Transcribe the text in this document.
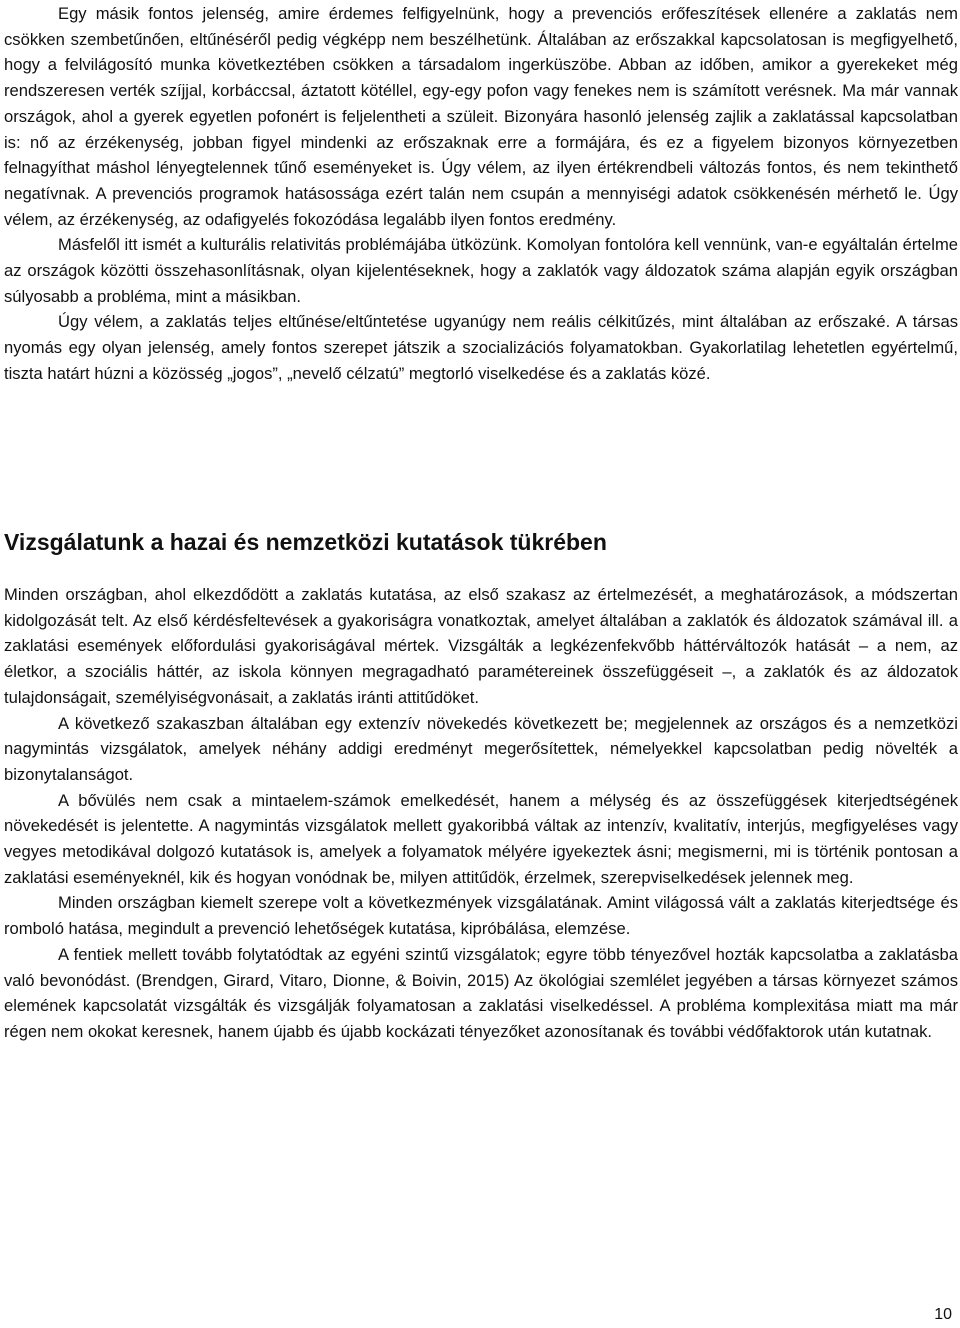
Egy másik fontos jelenség, amire érdemes felfigyelnünk, hogy a prevenciós erőfeszítések ellenére a zaklatás nem csökken szembetűnően, eltűnéséről pedig végképp nem beszélhetünk. Általában az erőszakkal kapcsolatosan is megfigyelhető, hogy a felvilágosító munka következtében csökken a társadalom ingerküszöbe. Abban az időben, amikor a gyerekeket még rendszeresen verték szíjjal, korbáccsal, áztatott kötéllel, egy-egy pofon vagy fenekes nem is számított verésnek. Ma már vannak országok, ahol a gyerek egyetlen pofonért is feljelentheti a szüleit. Bizonyára hasonló jelenség zajlik a zaklatással kapcsolatban is: nő az érzékenység, jobban figyel mindenki az erőszaknak erre a formájára, és ez a figyelem bizonyos környezetben felnagyíthat máshol lényegtelennek tűnő eseményeket is. Úgy vélem, az ilyen értékrendbeli változás fontos, és nem tekinthető negatívnak. A prevenciós programok hatásossága ezért talán nem csupán a mennyiségi adatok csökkenésén mérhető le. Úgy vélem, az érzékenység, az odafigyelés fokozódása legalább ilyen fontos eredmény.

Másfelől itt ismét a kulturális relativitás problémájába ütközünk. Komolyan fontolóra kell vennünk, van-e egyáltalán értelme az országok közötti összehasonlításnak, olyan kijelentéseknek, hogy a zaklatók vagy áldozatok száma alapján egyik országban súlyosabb a probléma, mint a másikban.

Úgy vélem, a zaklatás teljes eltűnése/eltűntetése ugyanúgy nem reális célkitűzés, mint általában az erőszaké. A társas nyomás egy olyan jelenség, amely fontos szerepet játszik a szocializációs folyamatokban. Gyakorlatilag lehetetlen egyértelmű, tiszta határt húzni a közösség „jogos”, „nevelő célzatú” megtorló viselkedése és a zaklatás közé.

Vizsgálatunk a hazai és nemzetközi kutatások tükrében

Minden országban, ahol elkezdődött a zaklatás kutatása, az első szakasz az értelmezését, a meghatározások, a módszertan kidolgozását telt. Az első kérdésfeltevések a gyakoriságra vonatkoztak, amelyet általában a zaklatók és áldozatok számával ill. a zaklatási események előfordulási gyakoriságával mértek. Vizsgálták a legkézenfekvőbb háttérváltozók hatását – a nem, az életkor, a szociális háttér, az iskola könnyen megragadható paramétereinek összefüggéseit –, a zaklatók és az áldozatok tulajdonságait, személyiségvonásait, a zaklatás iránti attitűdöket.

A következő szakaszban általában egy extenzív növekedés következett be; megjelennek az országos és a nemzetközi nagymintás vizsgálatok, amelyek néhány addigi eredményt megerősítettek, némelyekkel kapcsolatban pedig növelték a bizonytalanságot.

A bővülés nem csak a mintaelem-számok emelkedését, hanem a mélység és az összefüggések kiterjedtségének növekedését is jelentette. A nagymintás vizsgálatok mellett gyakoribbá váltak az intenzív, kvalitatív, interjús, megfigyeléses vagy vegyes metodikával dolgozó kutatások is, amelyek a folyamatok mélyére igyekeztek ásni; megismerni, mi is történik pontosan a zaklatási eseményeknél, kik és hogyan vonódnak be, milyen attitűdök, érzelmek, szerepviselkedések jelennek meg.

Minden országban kiemelt szerepe volt a következmények vizsgálatának. Amint világossá vált a zaklatás kiterjedtsége és romboló hatása, megindult a prevenció lehetőségek kutatása, kipróbálása, elemzése.

A fentiek mellett tovább folytatódtak az egyéni szintű vizsgálatok; egyre több tényezővel hozták kapcsolatba a zaklatásba való bevonódást. (Brendgen, Girard, Vitaro, Dionne, & Boivin, 2015) Az ökológiai szemlélet jegyében a társas környezet számos elemének kapcsolatát vizsgálták és vizsgálják folyamatosan a zaklatási viselkedéssel. A probléma komplexitása miatt ma már régen nem okokat keresnek, hanem újabb és újabb kockázati tényezőket azonosítanak és további védőfaktorok után kutatnak.

10
